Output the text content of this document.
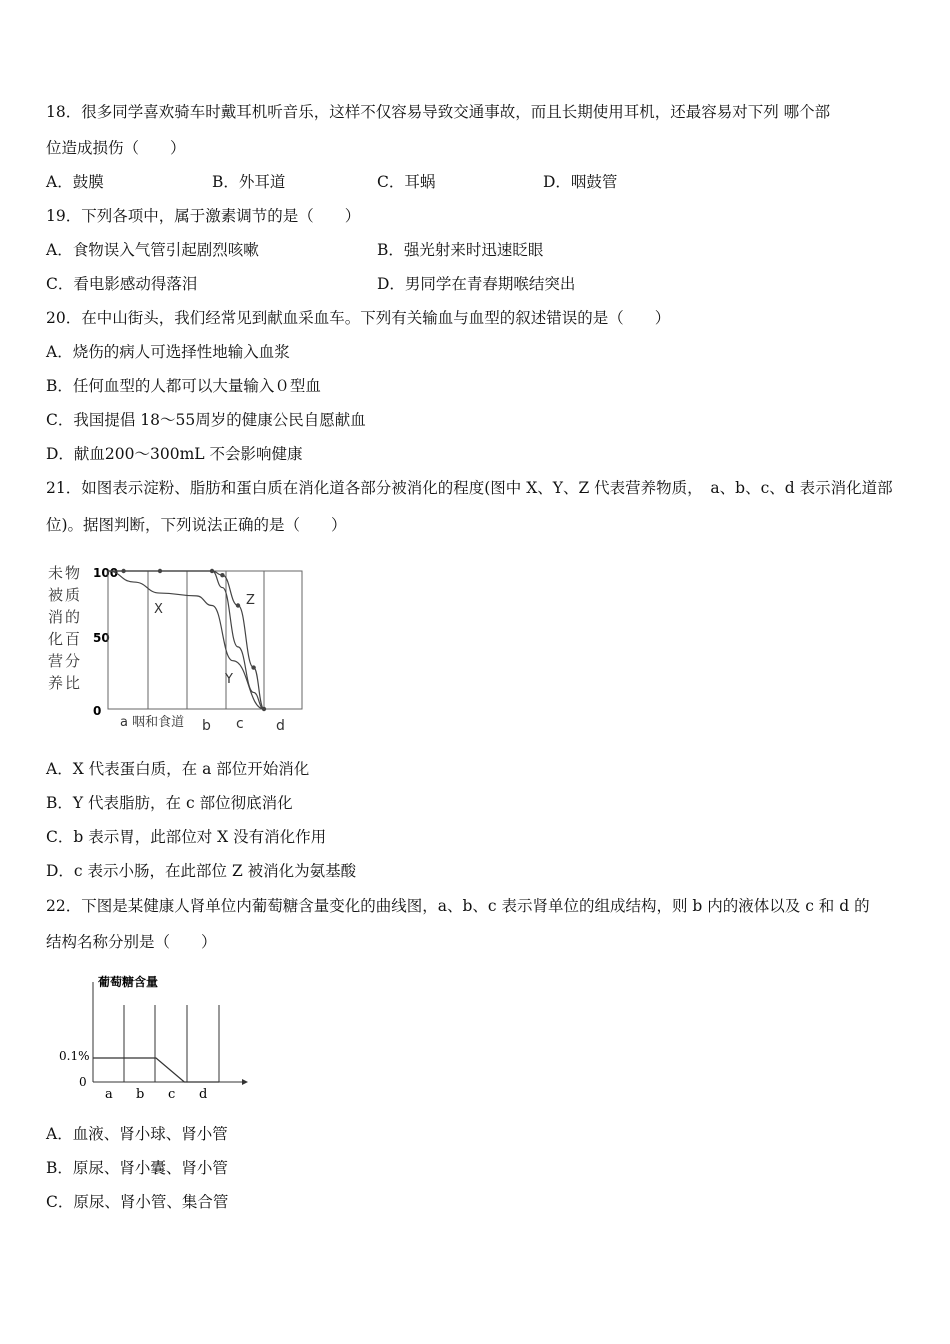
18．很多同学喜欢骑车时戴耳机听音乐，这样不仅容易导致交通事故，而且长期使用耳机，还最容易对下列 哪个部
位造成损伤（　　）
A．鼓膜	B．外耳道	C．耳蜗	D．咽鼓管
19．下列各项中，属于激素调节的是（　　）
A．食物误入气管引起剧烈咳嗽	B．强光射来时迅速眨眼
C．看电影感动得落泪	D．男同学在青春期喉结突出
20．在中山街头，我们经常见到献血采血车。下列有关输血与血型的叙述错误的是（　　）
A．烧伤的病人可选择性地输入血浆
B．任何血型的人都可以大量输入０型血
C．我国提倡 18～55周岁的健康公民自愿献血
D．献血200～300mL 不会影响健康
21．如图表示淀粉、脂肪和蛋白质在消化道各部分被消化的程度(图中 X、Y、Z 代表营养物质，　a、b、c、d 表示消化道部
位)。据图判断，下列说法正确的是（　　）
未
被
消
化
营
养
物
质
的
百
分
比
100
50
0
a 咽和食道 b c d
X
Y
Z
A．X 代表蛋白质，在 a 部位开始消化
B．Y 代表脂肪，在 c 部位彻底消化
C．b 表示胃，此部位对 X 没有消化作用
D．c 表示小肠，在此部位 Z 被消化为氨基酸
22．下图是某健康人肾单位内葡萄糖含量变化的曲线图，a、b、c 表示肾单位的组成结构，则 b 内的液体以及 c 和 d 的
结构名称分别是（　　）
葡萄糖含量
0.1%
0
a b c d
A．血液、肾小球、肾小管
B．原尿、肾小囊、肾小管
C．原尿、肾小管、集合管
